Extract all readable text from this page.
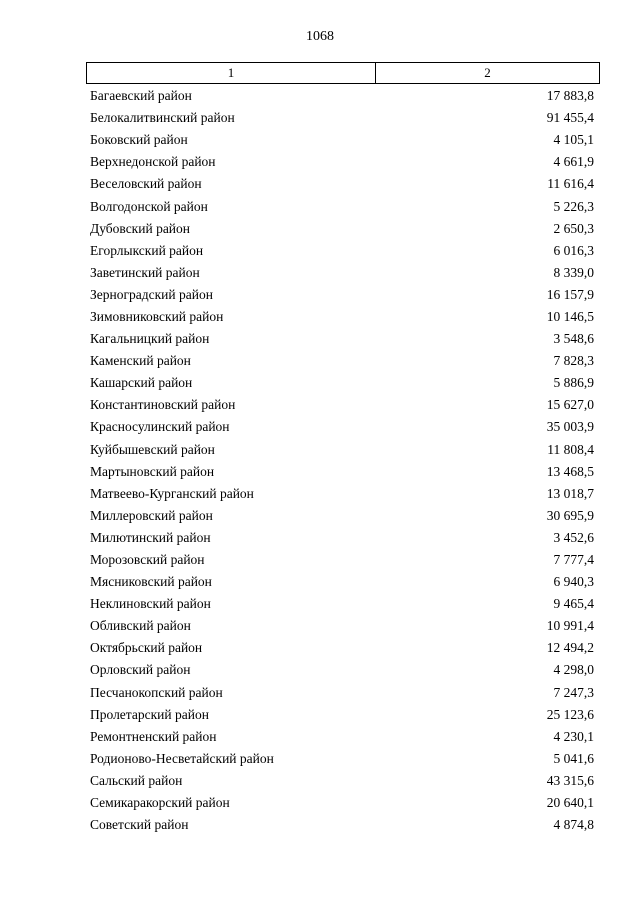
1068
1	2
Багаевский район	17 883,8
Белокалитвинский район	91 455,4
Боковский район	4 105,1
Верхнедонской район	4 661,9
Веселовский район	11 616,4
Волгодонской район	5 226,3
Дубовский район	2 650,3
Егорлыкский район	6 016,3
Заветинский район	8 339,0
Зерноградский район	16 157,9
Зимовниковский район	10 146,5
Кагальницкий район	3 548,6
Каменский район	7 828,3
Кашарский район	5 886,9
Константиновский район	15 627,0
Красносулинский район	35 003,9
Куйбышевский район	11 808,4
Мартыновский район	13 468,5
Матвеево-Курганский район	13 018,7
Миллеровский район	30 695,9
Милютинский район	3 452,6
Морозовский район	7 777,4
Мясниковский район	6 940,3
Неклиновский район	9 465,4
Обливский район	10 991,4
Октябрьский район	12 494,2
Орловский район	4 298,0
Песчанокопский район	7 247,3
Пролетарский район	25 123,6
Ремонтненский район	4 230,1
Родионово-Несветайский район	5 041,6
Сальский район	43 315,6
Семикаракорский район	20 640,1
Советский район	4 874,8
